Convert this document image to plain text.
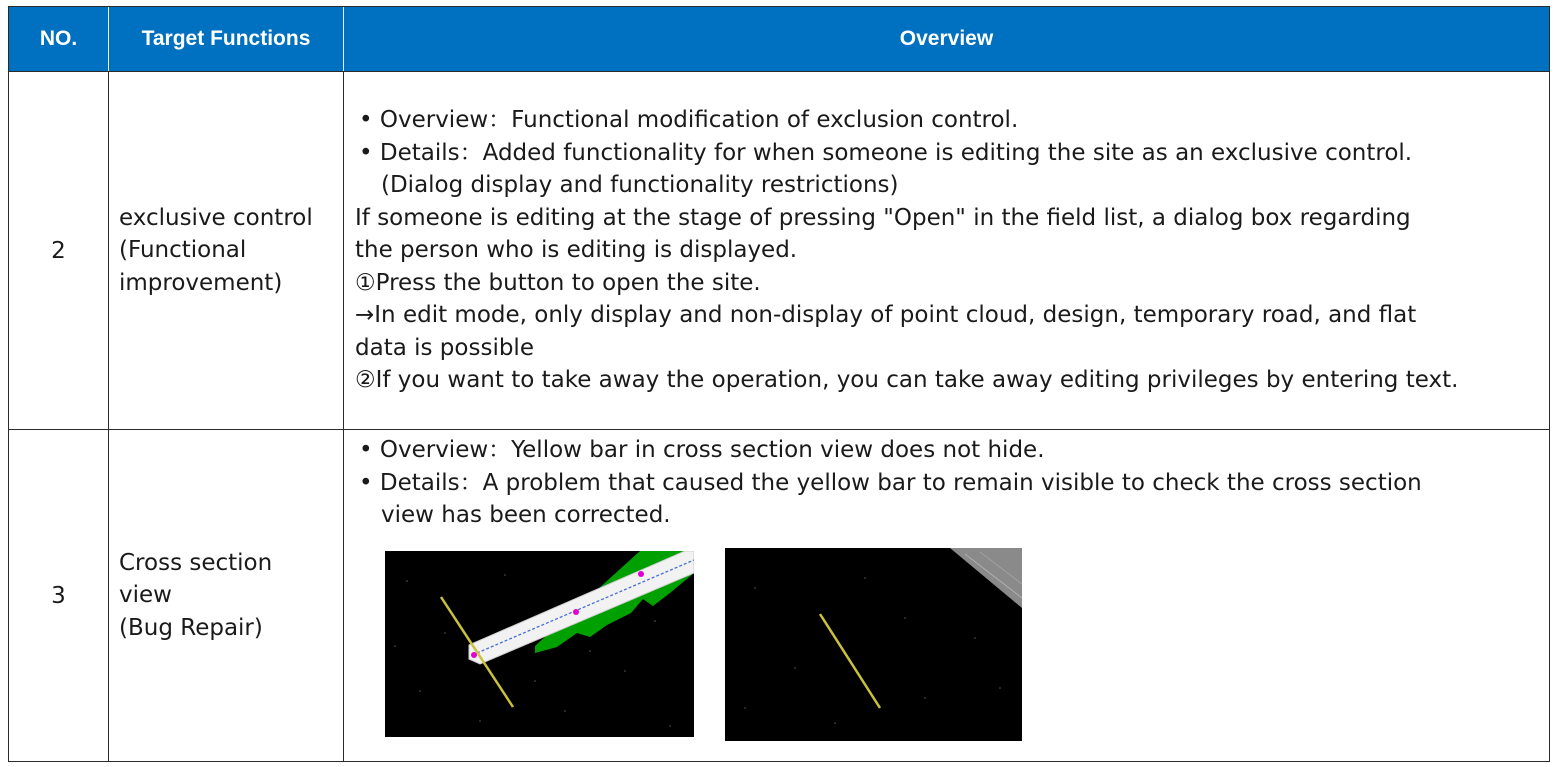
NO.	Target Functions	Overview
2
exclusive control
(Functional
improvement)
• Overview：Functional modification of exclusion control.
• Details：Added functionality for when someone is editing the site as an exclusive control.
(Dialog display and functionality restrictions)
If someone is editing at the stage of pressing "Open" in the field list, a dialog box regarding
the person who is editing is displayed.
①Press the button to open the site.
→In edit mode, only display and non-display of point cloud, design, temporary road, and flat
data is possible
②If you want to take away the operation, you can take away editing privileges by entering text.
3
Cross section
view
(Bug Repair)
• Overview：Yellow bar in cross section view does not hide.
• Details：A problem that caused the yellow bar to remain visible to check the cross section
view has been corrected.
